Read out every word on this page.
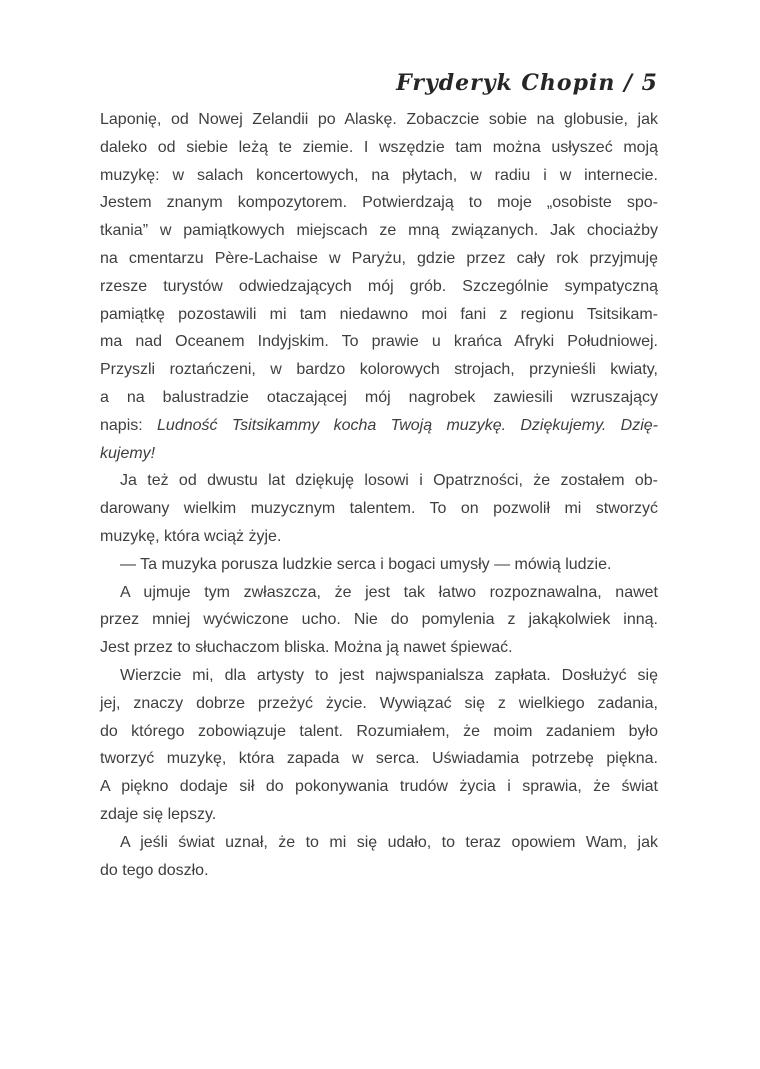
Fryderyk Chopin / 5
Laponię, od Nowej Zelandii po Alaskę. Zobaczcie sobie na globusie, jak
daleko od siebie leżą te ziemie. I wszędzie tam można usłyszeć moją
muzykę: w salach koncertowych, na płytach, w radiu i w internecie.
Jestem znanym kompozytorem. Potwierdzają to moje „osobiste spo-
tkania” w pamiątkowych miejscach ze mną związanych. Jak chociażby
na cmentarzu Père-Lachaise w Paryżu, gdzie przez cały rok przyjmuję
rzesze turystów odwiedzających mój grób. Szczególnie sympatyczną
pamiątkę pozostawili mi tam niedawno moi fani z regionu Tsitsikam-
ma nad Oceanem Indyjskim. To prawie u krańca Afryki Południowej.
Przyszli roztańczeni, w bardzo kolorowych strojach, przynieśli kwiaty,
a na balustradzie otaczającej mój nagrobek zawiesili wzruszający
napis: Ludność Tsitsikammy kocha Twoją muzykę. Dziękujemy. Dzię-
kujemy!
Ja też od dwustu lat dziękuję losowi i Opatrzności, że zostałem ob-
darowany wielkim muzycznym talentem. To on pozwolił mi stworzyć
muzykę, która wciąż żyje.
— Ta muzyka porusza ludzkie serca i bogaci umysły — mówią ludzie.
A ujmuje tym zwłaszcza, że jest tak łatwo rozpoznawalna, nawet
przez mniej wyćwiczone ucho. Nie do pomylenia z jakąkolwiek inną.
Jest przez to słuchaczom bliska. Można ją nawet śpiewać.
Wierzcie mi, dla artysty to jest najwspanialsza zapłata. Dosłużyć się
jej, znaczy dobrze przeżyć życie. Wywiązać się z wielkiego zadania,
do którego zobowiązuje talent. Rozumiałem, że moim zadaniem było
tworzyć muzykę, która zapada w serca. Uświadamia potrzebę piękna.
A piękno dodaje sił do pokonywania trudów życia i sprawia, że świat
zdaje się lepszy.
A jeśli świat uznał, że to mi się udało, to teraz opowiem Wam, jak
do tego doszło.
